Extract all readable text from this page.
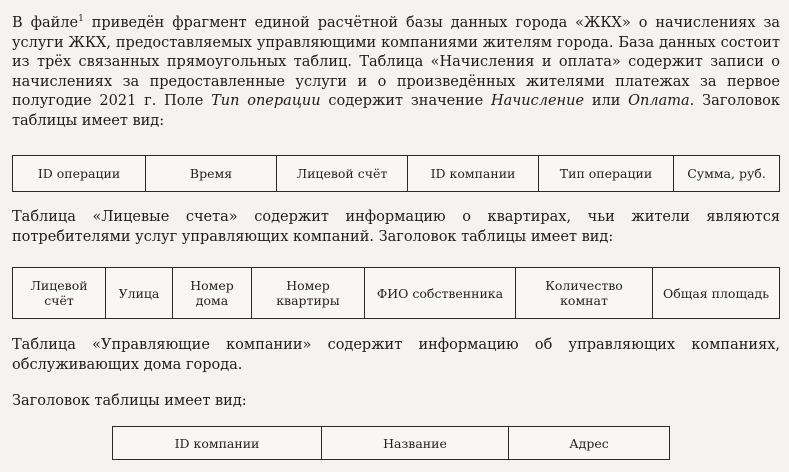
В файле$^1$ приведён фрагмент единой расчётной базы данных города «ЖКХ» о начислениях за услуги ЖКХ, предоставляемых управляющими компаниями жителям города. База данных состоит из трёх связанных прямоугольных таблиц. Таблица «Начисления и оплата» содержит записи о начислениях за предоставленные услуги и о произведённых жителями платежах за первое полугодие 2021 г. Поле Тип операции содержит значение Начисление или Оплата. Заголовок таблицы имеет вид:

ID операции	Время	Лицевой счёт	ID компании	Тип операции	Сумма, руб.

Таблица «Лицевые счета» содержит информацию о квартирах, чьи жители являются потребителями услуг управляющих компаний. Заголовок таблицы имеет вид:

Лицевой счёт	Улица	Номер дома	Номер квартиры	ФИО собственника	Количество комнат	Общая площадь

Таблица «Управляющие компании» содержит информацию об управляющих компаниях, обслуживающих дома города.

Заголовок таблицы имеет вид:

ID компании	Название	Адрес
